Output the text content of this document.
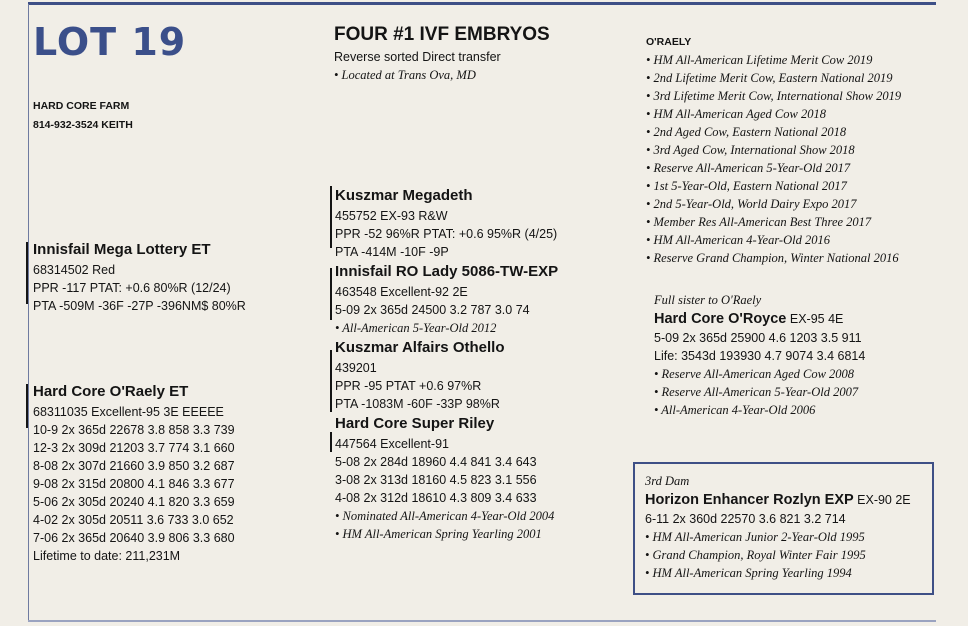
LOT 19
HARD CORE FARM
814-932-3524 KEITH
Innisfail Mega Lottery ET
68314502 Red
PPR -117 PTAT: +0.6 80%R (12/24)
PTA -509M -36F -27P -396NM$ 80%R
Hard Core O'Raely ET
68311035 Excellent-95 3E EEEEE
10-9 2x 365d 22678 3.8 858 3.3 739
12-3 2x 309d 21203 3.7 774 3.1 660
8-08 2x 307d 21660 3.9 850 3.2 687
9-08 2x 315d 20800 4.1 846 3.3 677
5-06 2x 305d 20240 4.1 820 3.3 659
4-02 2x 305d 20511 3.6 733 3.0 652
7-06 2x 365d 20640 3.9 806 3.3 680
Lifetime to date: 211,231M
FOUR #1 IVF EMBRYOS
Reverse sorted Direct transfer
• Located at Trans Ova, MD
Kuszmar Megadeth
455752 EX-93 R&W
PPR -52 96%R PTAT: +0.6 95%R (4/25)
PTA -414M -10F -9P
Innisfail RO Lady 5086-TW-EXP
463548 Excellent-92 2E
5-09 2x 365d 24500 3.2 787 3.0 74
• All-American 5-Year-Old 2012
Kuszmar Alfairs Othello
439201
PPR -95 PTAT +0.6 97%R
PTA -1083M -60F -33P 98%R
Hard Core Super Riley
447564 Excellent-91
5-08 2x 284d 18960 4.4 841 3.4 643
3-08 2x 313d 18160 4.5 823 3.1 556
4-08 2x 312d 18610 4.3 809 3.4 633
• Nominated All-American 4-Year-Old 2004
• HM All-American Spring Yearling 2001
O'RAELY
• HM All-American Lifetime Merit Cow 2019
• 2nd Lifetime Merit Cow, Eastern National 2019
• 3rd Lifetime Merit Cow, International Show 2019
• HM All-American Aged Cow 2018
• 2nd Aged Cow, Eastern National 2018
• 3rd Aged Cow, International Show 2018
• Reserve All-American 5-Year-Old 2017
• 1st 5-Year-Old, Eastern National 2017
• 2nd 5-Year-Old, World Dairy Expo 2017
• Member Res All-American Best Three 2017
• HM All-American 4-Year-Old 2016
• Reserve Grand Champion, Winter National 2016
Full sister to O'Raely
Hard Core O'Royce EX-95 4E
5-09 2x 365d 25900 4.6 1203 3.5 911
Life: 3543d 193930 4.7 9074 3.4 6814
• Reserve All-American Aged Cow 2008
• Reserve All-American 5-Year-Old 2007
• All-American 4-Year-Old 2006
3rd Dam
Horizon Enhancer Rozlyn EXP EX-90 2E
6-11 2x 360d 22570 3.6 821 3.2 714
• HM All-American Junior 2-Year-Old 1995
• Grand Champion, Royal Winter Fair 1995
• HM All-American Spring Yearling 1994
